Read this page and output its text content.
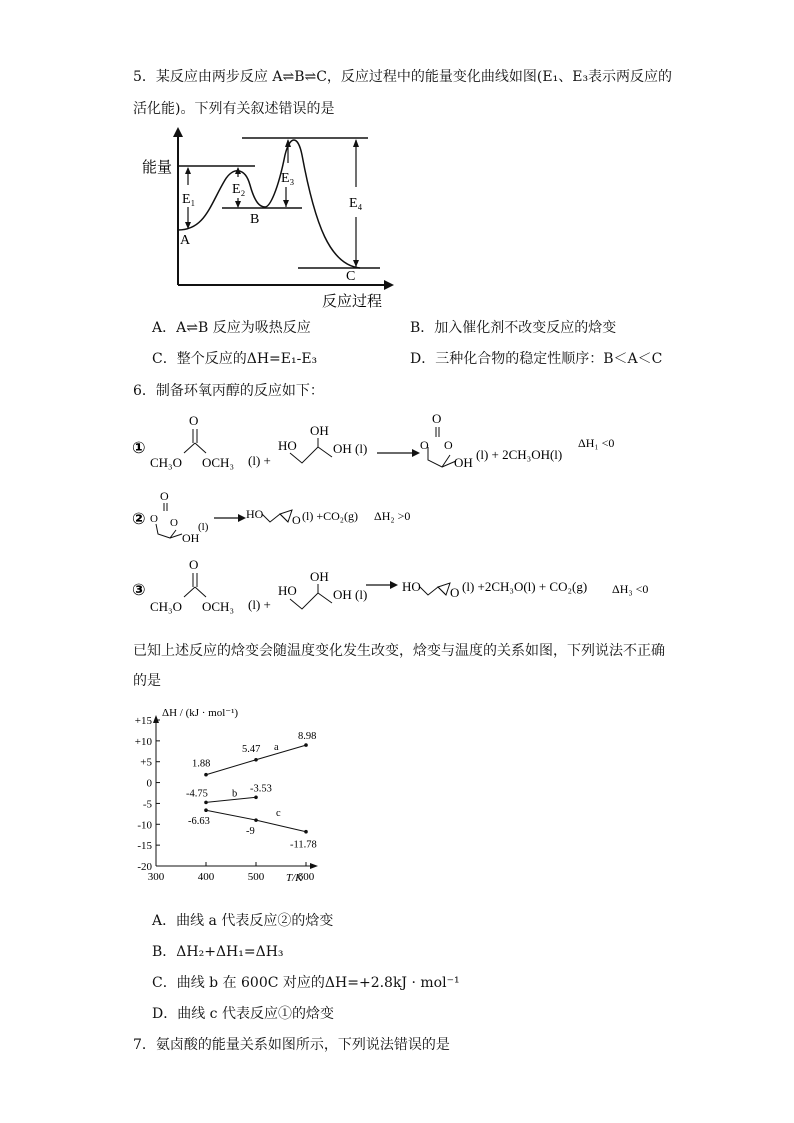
5．某反应由两步反应 A⇌B⇌C，反应过程中的能量变化曲线如图(E₁、E₃表示两反应的
活化能)。下列有关叙述错误的是
能量
反应过程
E₁
E₂
E₃
E₄
A
B
C
A．A⇌B 反应为吸热反应	B．加入催化剂不改变反应的焓变
C．整个反应的ΔH=E₁-E₃	D．三种化合物的稳定性顺序：B＜A＜C
6．制备环氧丙醇的反应如下：
①
O
CH₃O OCH₃ (l) +
HO
OH
OH (l)
O
O O
OH
(l) + 2CH₃OH(l)
ΔH₁ <0
②
O
O O
OH
(l)
HO O (l) +CO₂(g) ΔH₂ >0
③
O
CH₃O OCH₃ (l) +
HO
OH
OH (l)
HO O (l) +2CH₃O(l) + CO₂(g) ΔH₃ <0
已知上述反应的焓变会随温度变化发生改变，焓变与温度的关系如图，下列说法不正确
的是
ΔH / (kJ · mol⁻¹)
T/K
+15
+10
+5
0
-5
-10
-15
-20
300	400	500	600
1.88
5.47
8.98
a
-4.75	-3.53
b
-6.63
-9
-11.78
c
A．曲线 a 代表反应②的焓变
B．ΔH₂+ΔH₁=ΔH₃
C．曲线 b 在 600C 对应的ΔH=+2.8kJ · mol⁻¹
D．曲线 c 代表反应①的焓变
7．氨卤酸的能量关系如图所示，下列说法错误的是
